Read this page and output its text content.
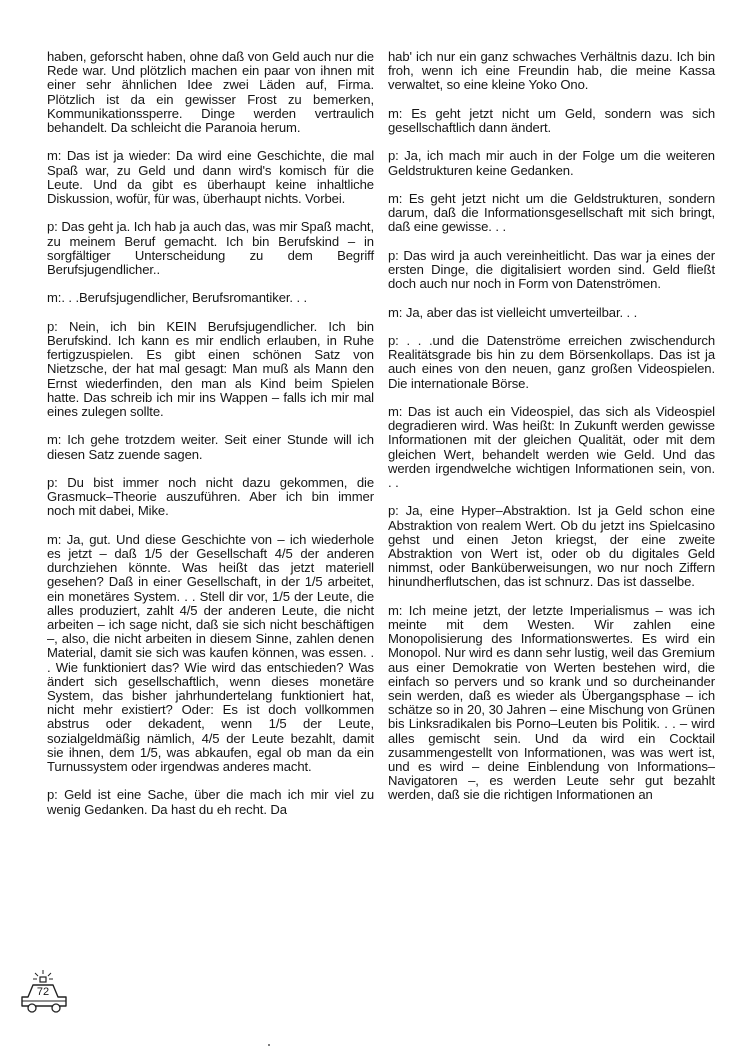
haben, geforscht haben, ohne daß von Geld auch nur die Rede war. Und plötzlich machen ein paar von ihnen mit einer sehr ähnlichen Idee zwei Läden auf, Firma. Plötzlich ist da ein gewisser Frost zu bemerken, Kommunikationssperre. Dinge werden vertraulich behandelt. Da schleicht die Paranoia herum.

m: Das ist ja wieder: Da wird eine Geschichte, die mal Spaß war, zu Geld und dann wird's komisch für die Leute. Und da gibt es überhaupt keine inhaltliche Diskussion, wofür, für was, überhaupt nichts. Vorbei.

p: Das geht ja. Ich hab ja auch das, was mir Spaß macht, zu meinem Beruf gemacht. Ich bin Berufskind – in sorgfältiger Unterscheidung zu dem Begriff Berufsjugendlicher..

m:. . .Berufsjugendlicher, Berufsromantiker. . .

p: Nein, ich bin KEIN Berufsjugendlicher. Ich bin Berufskind. Ich kann es mir endlich erlauben, in Ruhe fertigzuspielen. Es gibt einen schönen Satz von Nietzsche, der hat mal gesagt: Man muß als Mann den Ernst wiederfinden, den man als Kind beim Spielen hatte. Das schreib ich mir ins Wappen – falls ich mir mal eines zulegen sollte.

m: Ich gehe trotzdem weiter. Seit einer Stunde will ich diesen Satz zuende sagen.

p: Du bist immer noch nicht dazu gekommen, die Grasmuck–Theorie auszuführen. Aber ich bin immer noch mit dabei, Mike.

m: Ja, gut. Und diese Geschichte von – ich wiederhole es jetzt – daß 1/5 der Gesellschaft 4/5 der anderen durchziehen könnte. Was heißt das jetzt materiell gesehen? Daß in einer Gesellschaft, in der 1/5 arbeitet, ein monetäres System. . . Stell dir vor, 1/5 der Leute, die alles produziert, zahlt 4/5 der anderen Leute, die nicht arbeiten – ich sage nicht, daß sie sich nicht beschäftigen –, also, die nicht arbeiten in diesem Sinne, zahlen denen Material, damit sie sich was kaufen können, was essen. . . Wie funktioniert das? Wie wird das entschieden? Was ändert sich gesellschaftlich, wenn dieses monetäre System, das bisher jahrhundertelang funktioniert hat, nicht mehr existiert? Oder: Es ist doch vollkommen abstrus oder dekadent, wenn 1/5 der Leute, sozialgeldmäßig nämlich, 4/5 der Leute bezahlt, damit sie ihnen, dem 1/5, was abkaufen, egal ob man da ein Turnussystem oder irgendwas anderes macht.

p: Geld ist eine Sache, über die mach ich mir viel zu wenig Gedanken. Da hast du eh recht. Da

hab' ich nur ein ganz schwaches Verhältnis dazu. Ich bin froh, wenn ich eine Freundin hab, die meine Kassa verwaltet, so eine kleine Yoko Ono.

m: Es geht jetzt nicht um Geld, sondern was sich gesellschaftlich dann ändert.

p: Ja, ich mach mir auch in der Folge um die weiteren Geldstrukturen keine Gedanken.

m: Es geht jetzt nicht um die Geldstrukturen, sondern darum, daß die Informationsgesellschaft mit sich bringt, daß eine gewisse. . .

p: Das wird ja auch vereinheitlicht. Das war ja eines der ersten Dinge, die digitalisiert worden sind. Geld fließt doch auch nur noch in Form von Datenströmen.

m: Ja, aber das ist vielleicht umverteilbar. . .

p: . . .und die Datenströme erreichen zwischendurch Realitätsgrade bis hin zu dem Börsenkollaps. Das ist ja auch eines von den neuen, ganz großen Videospielen. Die internationale Börse.

m: Das ist auch ein Videospiel, das sich als Videospiel degradieren wird. Was heißt: In Zukunft werden gewisse Informationen mit der gleichen Qualität, oder mit dem gleichen Wert, behandelt werden wie Geld. Und das werden irgendwelche wichtigen Informationen sein, von. . .

p: Ja, eine Hyper–Abstraktion. Ist ja Geld schon eine Abstraktion von realem Wert. Ob du jetzt ins Spielcasino gehst und einen Jeton kriegst, der eine zweite Abstraktion von Wert ist, oder ob du digitales Geld nimmst, oder Banküberweisungen, wo nur noch Ziffern hinundherflutschen, das ist schnurz. Das ist dasselbe.

m: Ich meine jetzt, der letzte Imperialismus – was ich meinte mit dem Westen. Wir zahlen eine Monopolisierung des Informationswertes. Es wird ein Monopol. Nur wird es dann sehr lustig, weil das Gremium aus einer Demokratie von Werten bestehen wird, die einfach so pervers und so krank und so durcheinander sein werden, daß es wieder als Übergangsphase – ich schätze so in 20, 30 Jahren – eine Mischung von Grünen bis Linksradikalen bis Porno–Leuten bis Politik. . . – wird alles gemischt sein. Und da wird ein Cocktail zusammengestellt von Informationen, was was wert ist, und es wird – deine Einblendung von Informations–Navigatoren –, es werden Leute sehr gut bezahlt werden, daß sie die richtigen Informationen an

72
